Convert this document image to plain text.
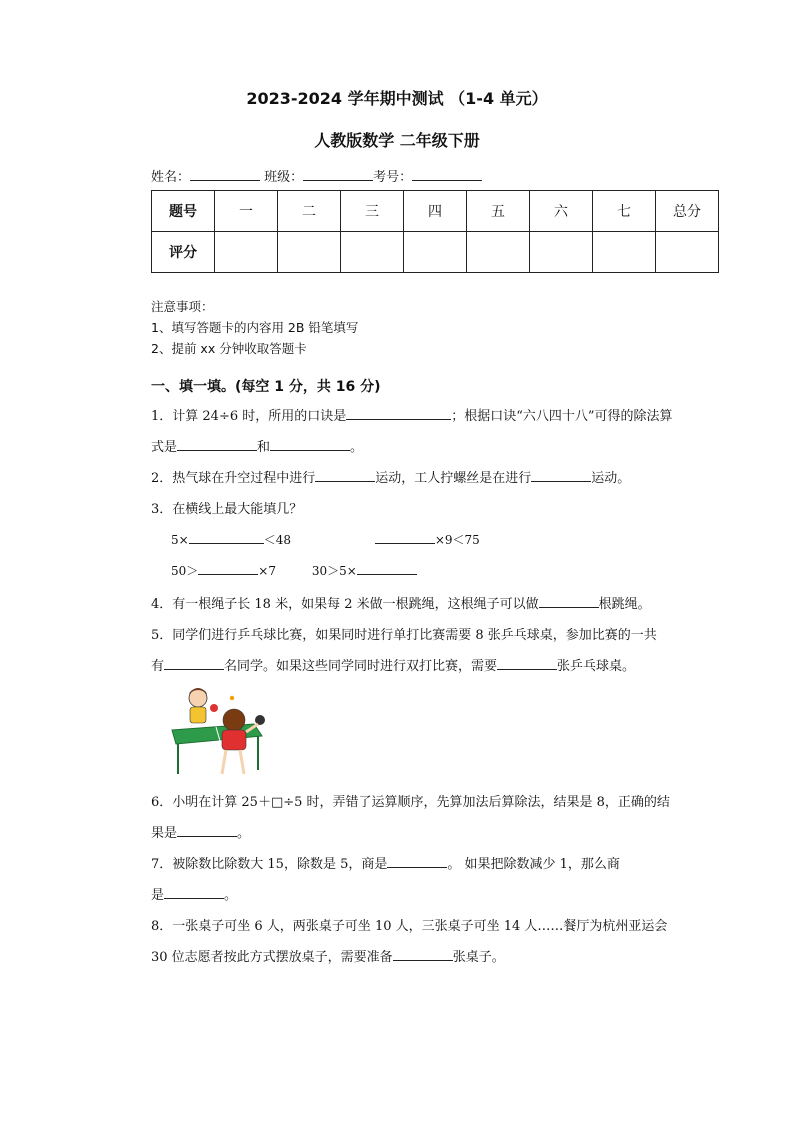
2023-2024 学年期中测试 （1-4 单元）
人教版数学 二年级下册
姓名：	班级：	考号：
题号	一	二	三	四	五	六	七	总分
评分								
注意事项：
1、填写答题卡的内容用 2B 铅笔填写
2、提前 xx 分钟收取答题卡
一、填一填。(每空 1 分，共 16 分)
1．计算 24÷6 时，所用的口诀是	；根据口诀“六八四十八”可得的除法算
式是	和	。
2．热气球在升空过程中进行	运动，工人拧螺丝是在进行	运动。
3．在横线上最大能填几？
5×	＜48	×9＜75
50＞	×7	30＞5×
4．有一根绳子长 18 米，如果每 2 米做一根跳绳，这根绳子可以做	根跳绳。
5．同学们进行乒乓球比赛，如果同时进行单打比赛需要 8 张乒乓球桌，参加比赛的一共
有	名同学。如果这些同学同时进行双打比赛，需要	张乒乓球桌。
6．小明在计算 25＋□÷5 时，弄错了运算顺序，先算加法后算除法，结果是 8，正确的结
果是	。
7．被除数比除数大 15，除数是 5，商是	。 如果把除数减少 1，那么商
是	。
8．一张桌子可坐 6 人，两张桌子可坐 10 人，三张桌子可坐 14 人……餐厅为杭州亚运会
30 位志愿者按此方式摆放桌子，需要准备	张桌子。
